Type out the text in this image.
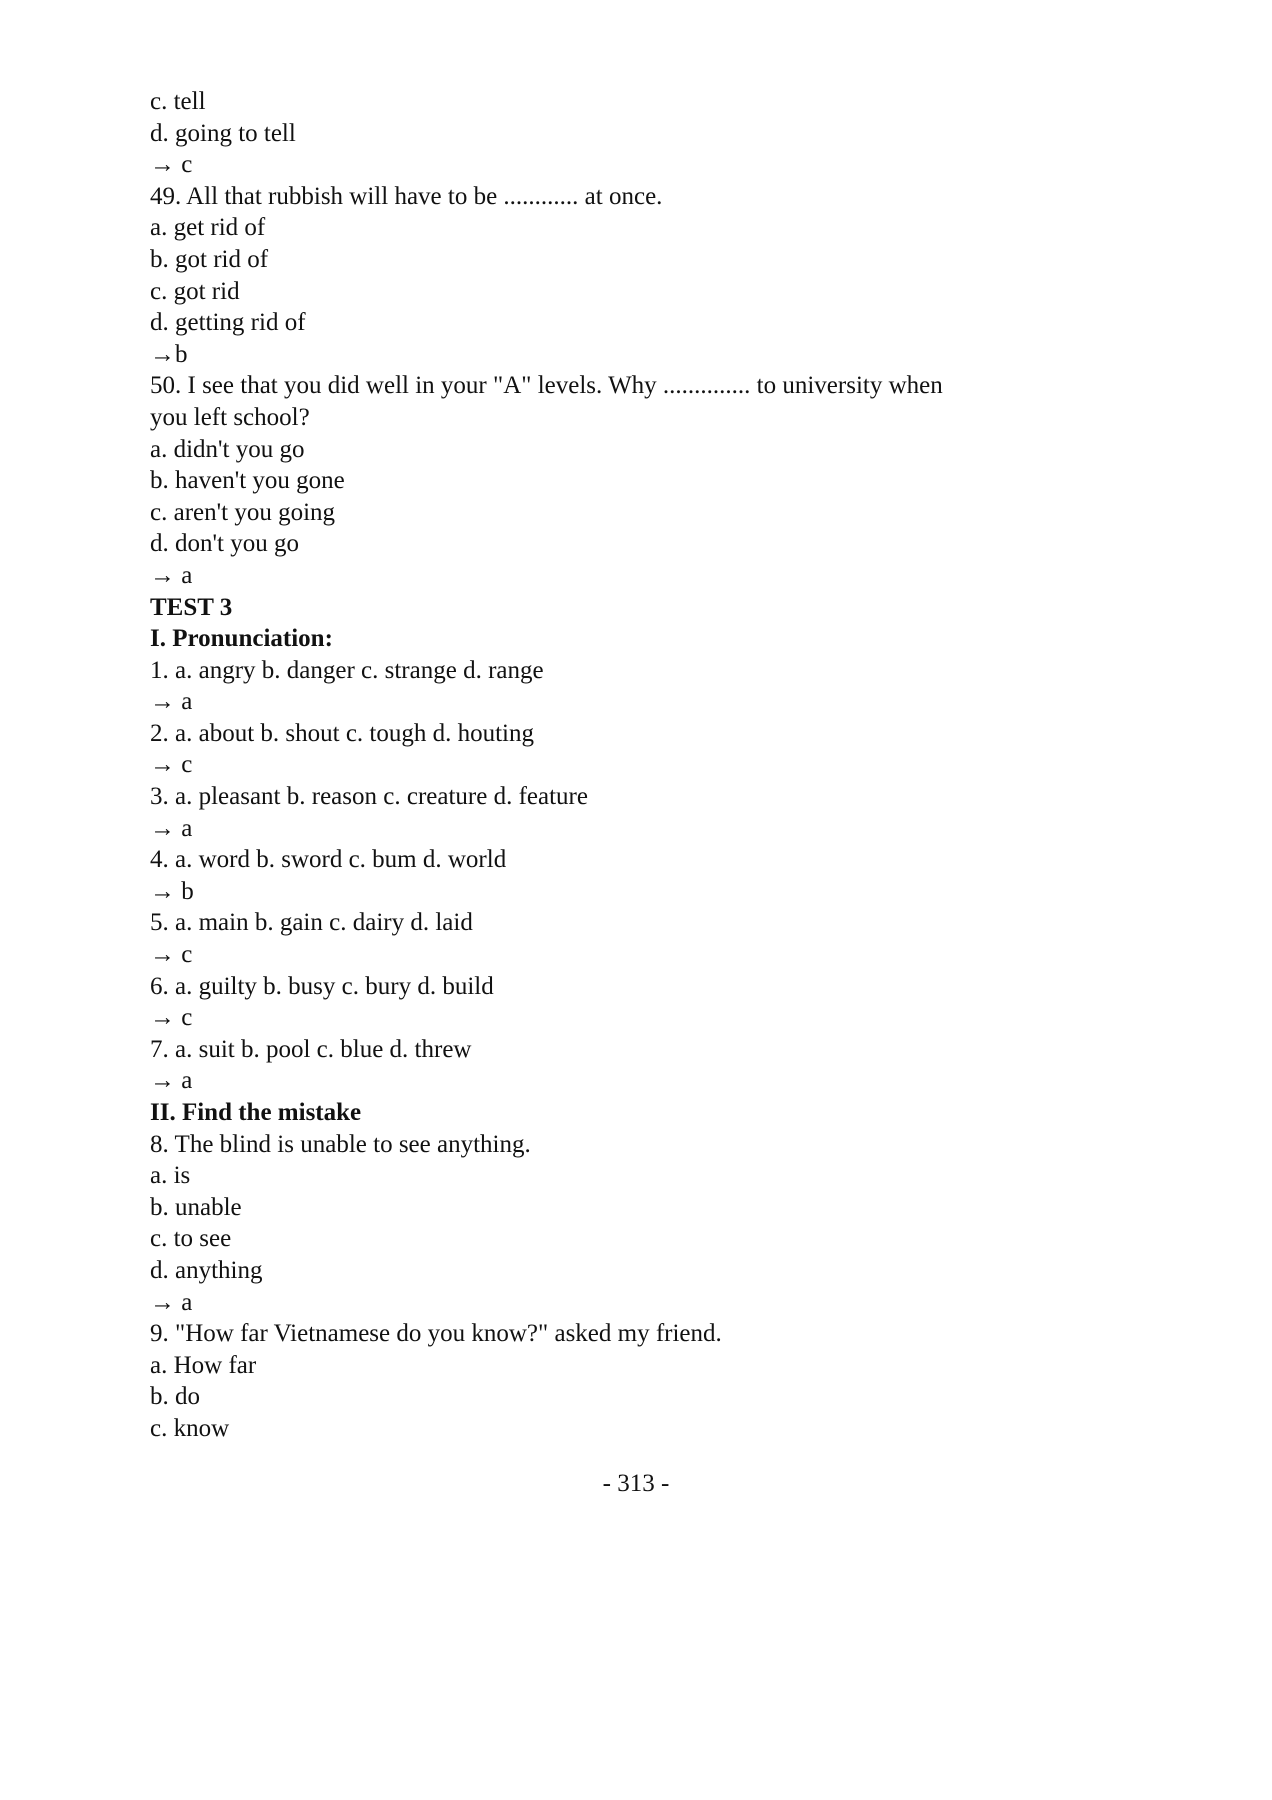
c. tell
d. going to tell
→ c
49. All that rubbish will have to be ............ at once.
a. get rid of
b. got rid of
c. got rid
d. getting rid of
→b
50. I see that you did well in your "A" levels. Why .............. to university when
you left school?
a. didn't you go
b. haven't you gone
c. aren't you going
d. don't you go
→ a
TEST 3
I. Pronunciation:
1. a. angry b. danger c. strange d. range
→ a
2. a. about b. shout c. tough d. houting
→ c
3. a. pleasant b. reason c. creature d. feature
→ a
4. a. word b. sword c. bum d. world
→ b
5. a. main b. gain c. dairy d. laid
→ c
6. a. guilty b. busy c. bury d. build
→ c
7. a. suit b. pool c. blue d. threw
→ a
II. Find the mistake
8. The blind is unable to see anything.
a. is
b. unable
c. to see
d. anything
→ a
9. "How far Vietnamese do you know?" asked my friend.
a. How far
b. do
c. know
- 313 -
